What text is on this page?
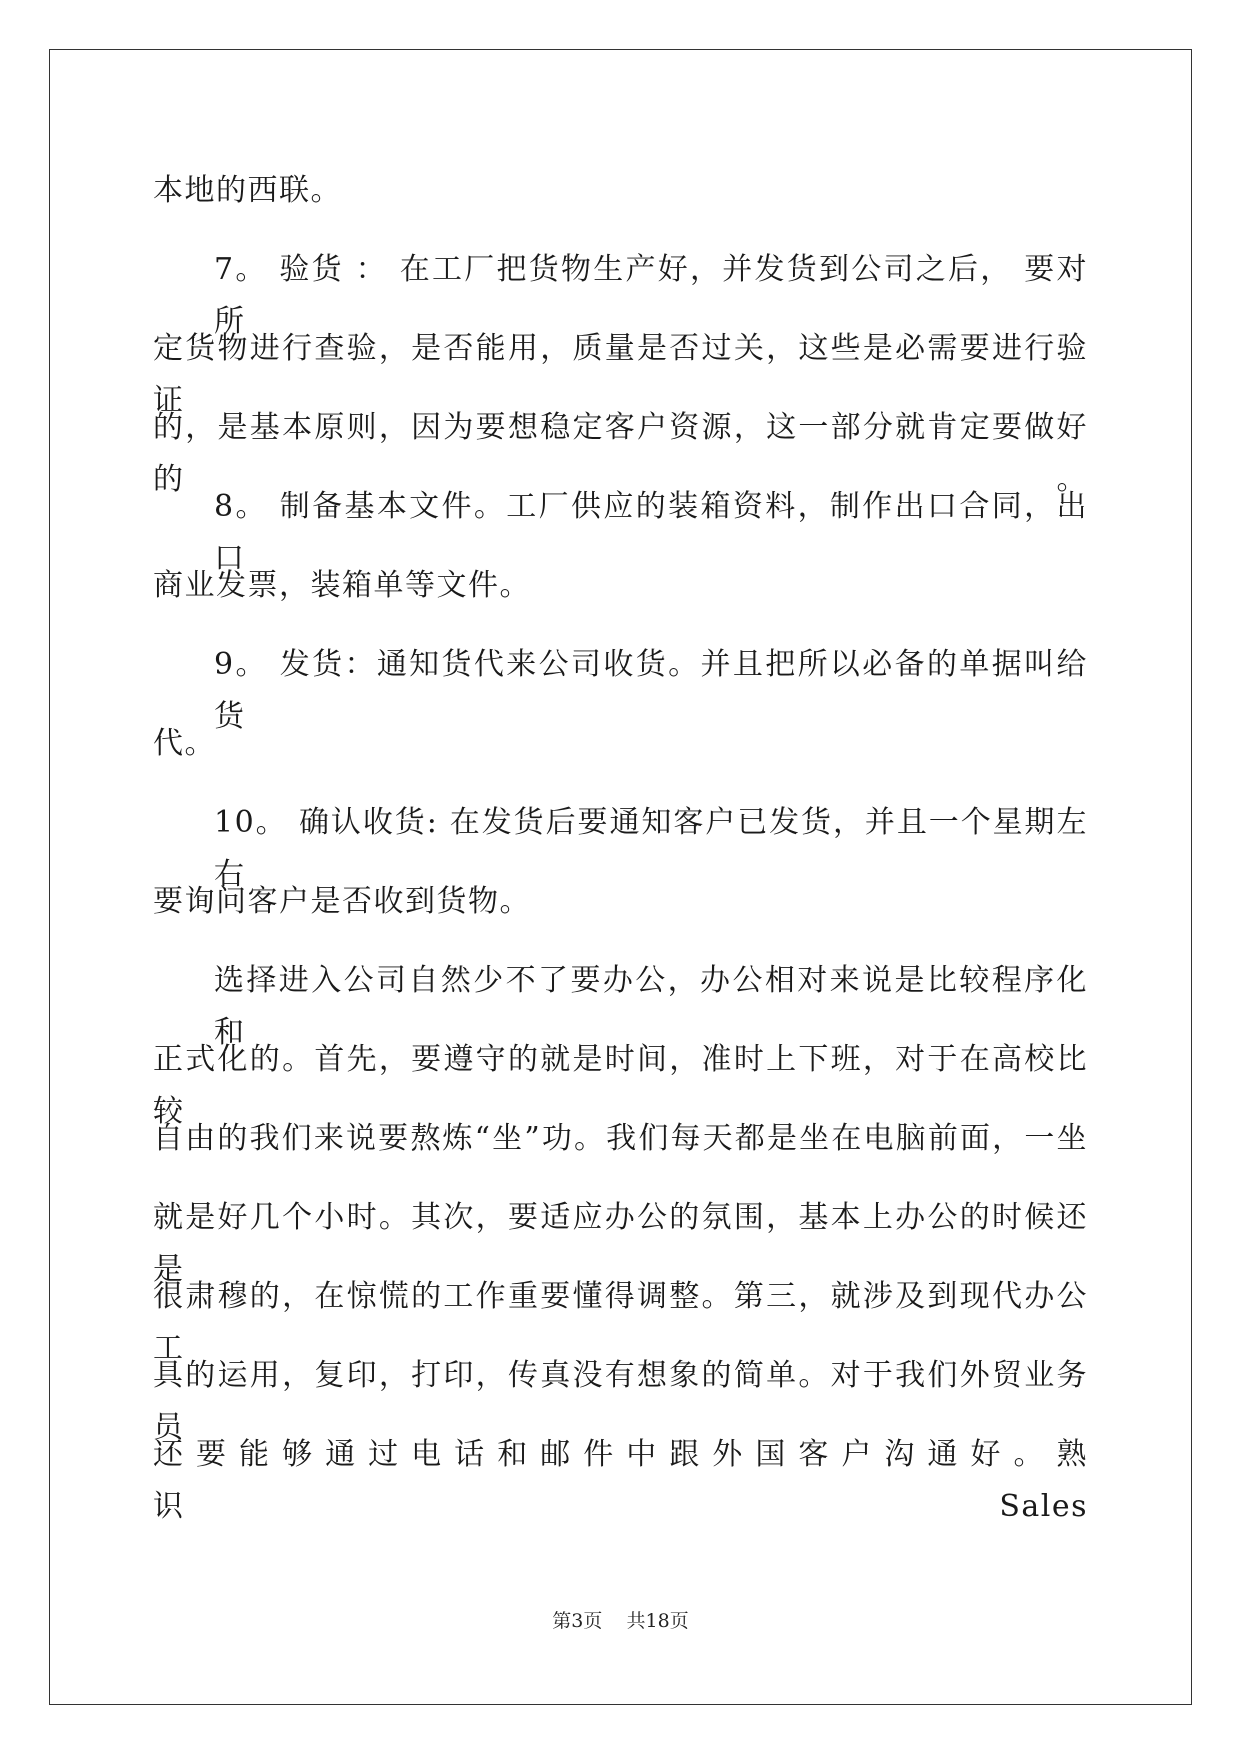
本地的西联。
7。 验货 ： 在工厂把货物生产好，并发货到公司之后， 要对所
定货物进行查验，是否能用，质量是否过关，这些是必需要进行验证
的，是基本原则，因为要想稳定客户资源，这一部分就肯定要做好的。
8。 制备基本文件。工厂供应的装箱资料，制作出口合同，出口
商业发票，装箱单等文件。
9。 发货：通知货代来公司收货。并且把所以必备的单据叫给货
代。
10。 确认收货: 在发货后要通知客户已发货，并且一个星期左右
要询问客户是否收到货物。
选择进入公司自然少不了要办公，办公相对来说是比较程序化和
正式化的。首先，要遵守的就是时间，准时上下班，对于在高校比较
自由的我们来说要熬炼“坐”功。我们每天都是坐在电脑前面，一坐
就是好几个小时。其次，要适应办公的氛围，基本上办公的时候还是
很肃穆的，在惊慌的工作重要懂得调整。第三，就涉及到现代办公工
具的运用，复印，打印，传真没有想象的简单。对于我们外贸业务员
还 要 能 够 通 过 电 话 和 邮 件 中 跟 外 国 客 户 沟 通 好 。 熟 识 Sales
第3页    共18页
